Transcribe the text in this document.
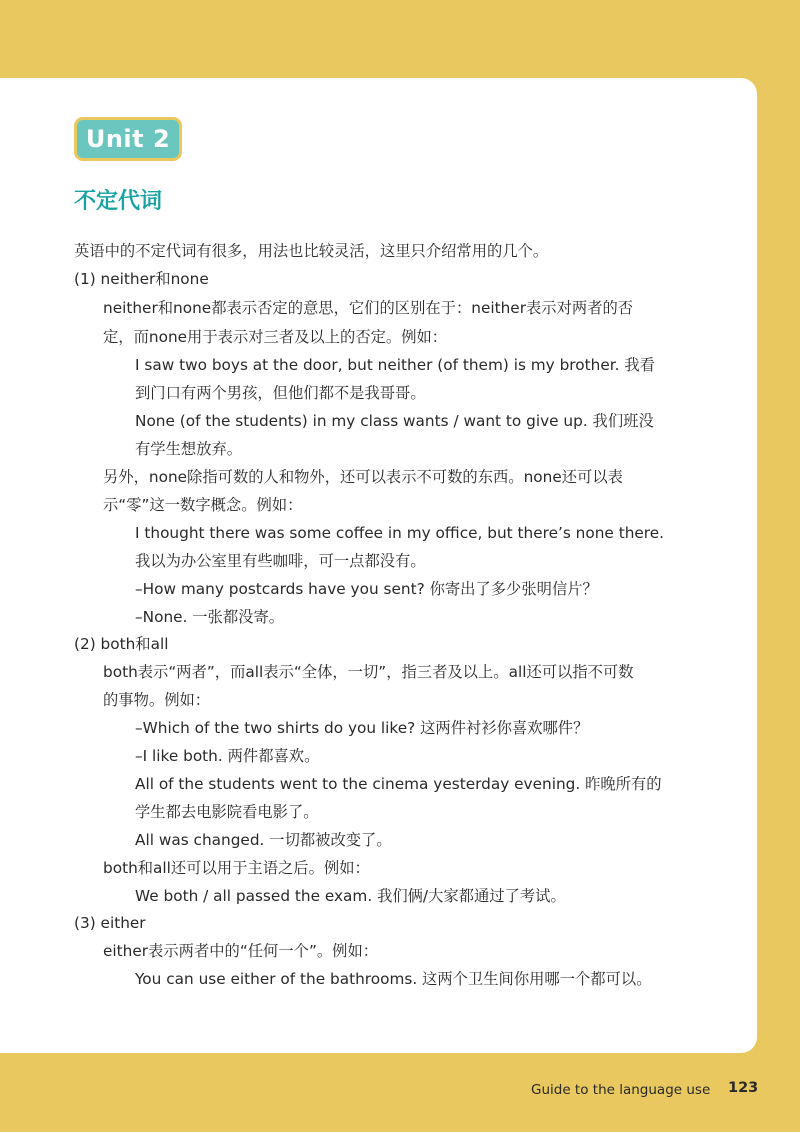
Unit 2
不定代词

英语中的不定代词有很多，用法也比较灵活，这里只介绍常用的几个。

(1) neither和none

neither和none都表示否定的意思，它们的区别在于：neither表示对两者的否

定，而none用于表示对三者及以上的否定。例如：

I saw two boys at the door, but neither (of them) is my brother. 我看

到门口有两个男孩，但他们都不是我哥哥。

None (of the students) in my class wants / want to give up. 我们班没

有学生想放弃。

另外，none除指可数的人和物外，还可以表示不可数的东西。none还可以表

示“零”这一数字概念。例如：

I thought there was some coffee in my office, but there’s none there.

我以为办公室里有些咖啡，可一点都没有。

–How many postcards have you sent? 你寄出了多少张明信片？

–None. 一张都没寄。

(2) both和all

both表示“两者”，而all表示“全体，一切”，指三者及以上。all还可以指不可数

的事物。例如：

–Which of the two shirts do you like? 这两件衬衫你喜欢哪件？

–I like both. 两件都喜欢。

All of the students went to the cinema yesterday evening. 昨晚所有的

学生都去电影院看电影了。

All was changed. 一切都被改变了。

both和all还可以用于主语之后。例如：

We both / all passed the exam. 我们俩/大家都通过了考试。

(3) either

either表示两者中的“任何一个”。例如：

You can use either of the bathrooms. 这两个卫生间你用哪一个都可以。

Guide to the language use 123
